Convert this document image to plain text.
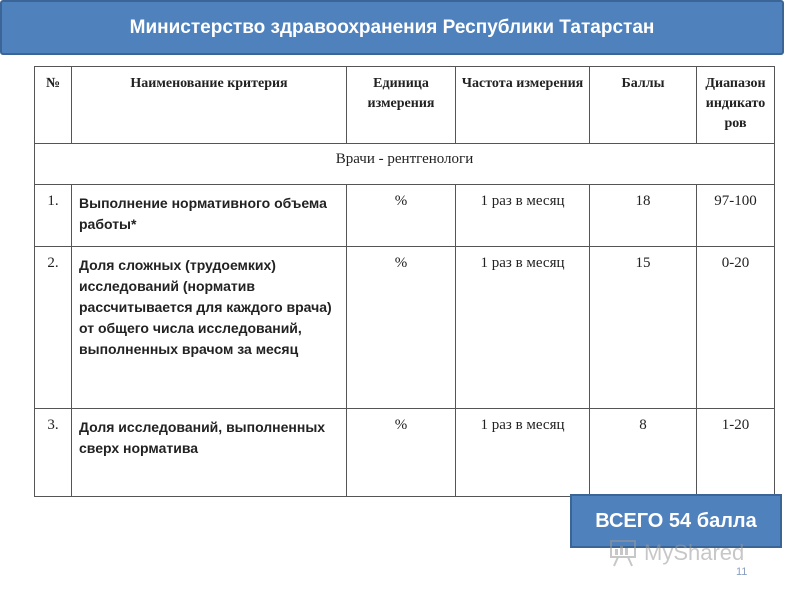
Министерство здравоохранения Республики Татарстан
№	Наименование критерия	Единица измерения	Частота измерения	Баллы	Диапазон индикато ров
Врачи - рентгенологи					
1.	Выполнение нормативного объема работы*	%	1 раз в месяц	18	97-100
2.	Доля сложных (трудоемких) исследований (норматив рассчитывается для каждого врача) от общего числа исследований, выполненных врачом за месяц	%	1 раз в месяц	15	0-20
3.	Доля исследований, выполненных сверх норматива	%	1 раз в месяц	8	1-20
ВСЕГО 54 балла
MyShared
11
